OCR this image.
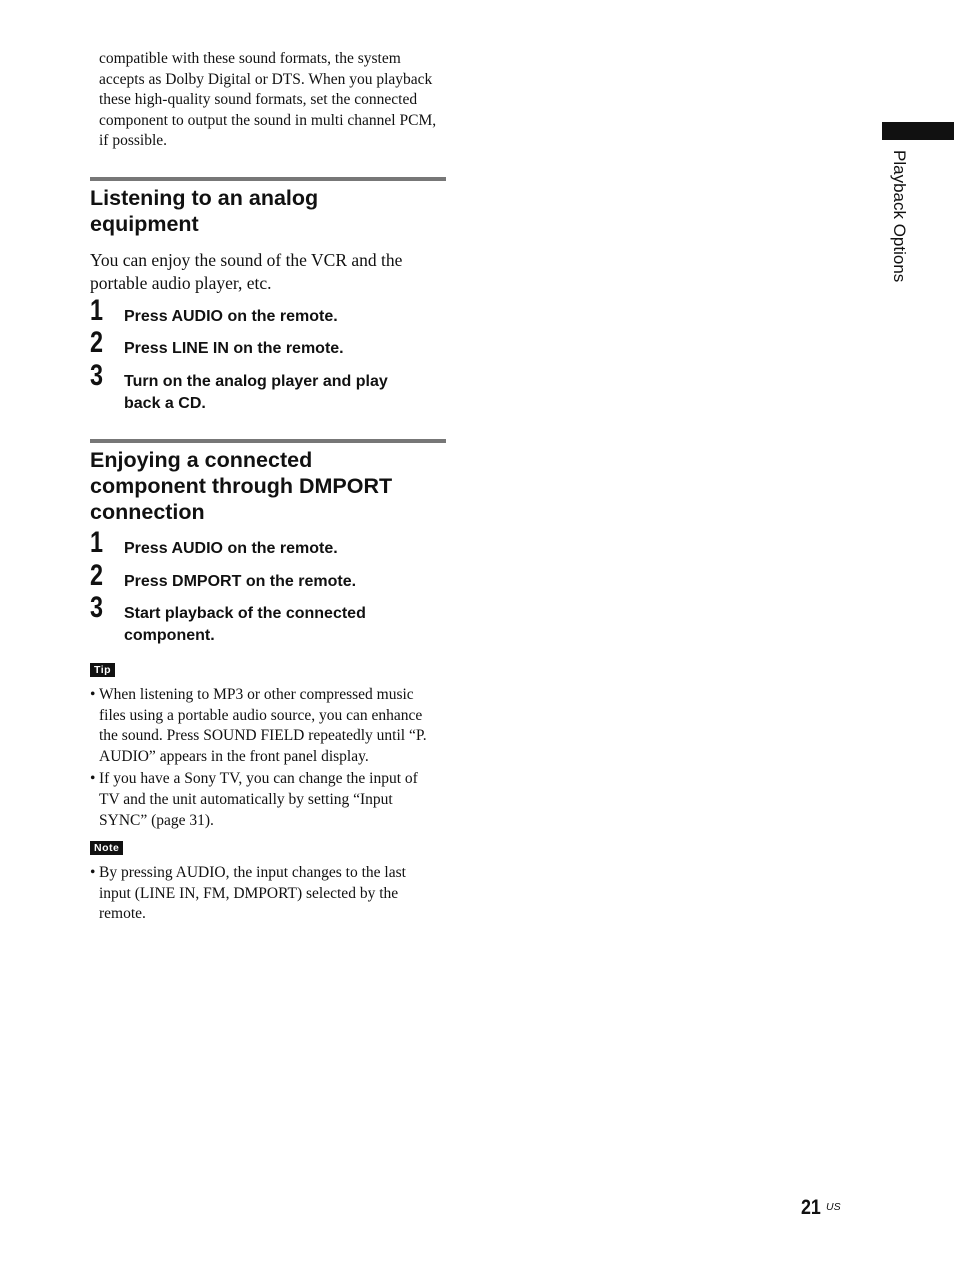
compatible with these sound formats, the system
accepts as Dolby Digital or DTS. When you playback
these high-quality sound formats, set the connected
component to output the sound in multi channel PCM,
if possible.
Listening to an analog
equipment
You can enjoy the sound of the VCR and the
portable audio player, etc.
1 Press AUDIO on the remote.
2 Press LINE IN on the remote.
3 Turn on the analog player and play
back a CD.
Enjoying a connected
component through DMPORT
connection
1 Press AUDIO on the remote.
2 Press DMPORT on the remote.
3 Start playback of the connected
component.
Tip
• When listening to MP3 or other compressed music
files using a portable audio source, you can enhance
the sound. Press SOUND FIELD repeatedly until “P.
AUDIO” appears in the front panel display.
• If you have a Sony TV, you can change the input of
TV and the unit automatically by setting “Input
SYNC” (page 31).
Note
• By pressing AUDIO, the input changes to the last
input (LINE IN, FM, DMPORT) selected by the
remote.
Playback Options
21 US
